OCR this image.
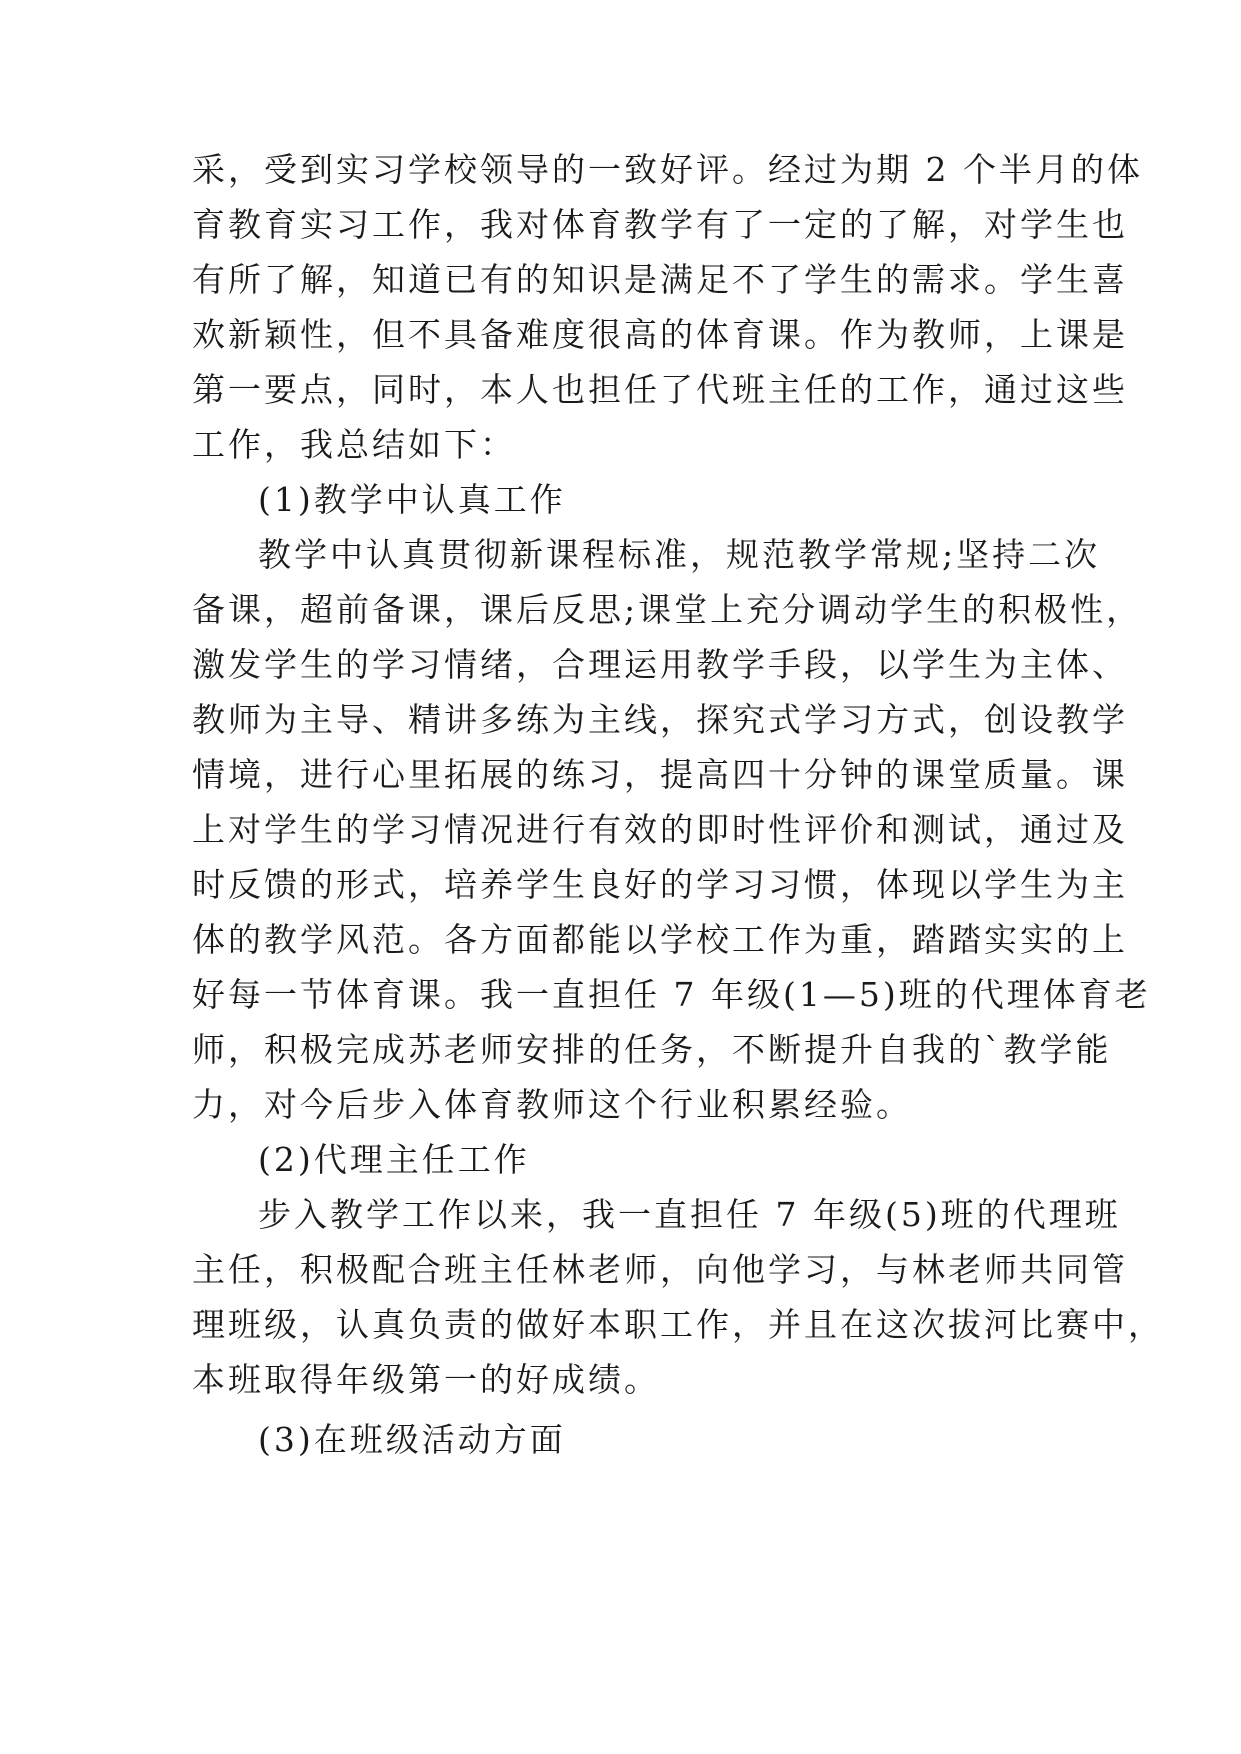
采，受到实习学校领导的一致好评。经过为期 2 个半月的体
育教育实习工作，我对体育教学有了一定的了解，对学生也
有所了解，知道已有的知识是满足不了学生的需求。学生喜
欢新颖性，但不具备难度很高的体育课。作为教师，上课是
第一要点，同时，本人也担任了代班主任的工作，通过这些
工作，我总结如下：
(1)教学中认真工作
教学中认真贯彻新课程标准，规范教学常规;坚持二次
备课，超前备课，课后反思;课堂上充分调动学生的积极性，
激发学生的学习情绪，合理运用教学手段，以学生为主体、
教师为主导、精讲多练为主线，探究式学习方式，创设教学
情境，进行心里拓展的练习，提高四十分钟的课堂质量。课
上对学生的学习情况进行有效的即时性评价和测试，通过及
时反馈的形式，培养学生良好的学习习惯，体现以学生为主
体的教学风范。各方面都能以学校工作为重，踏踏实实的上
好每一节体育课。我一直担任 7 年级(1—5)班的代理体育老
师，积极完成苏老师安排的任务，不断提升自我的`教学能
力，对今后步入体育教师这个行业积累经验。
(2)代理主任工作
步入教学工作以来，我一直担任 7 年级(5)班的代理班
主任，积极配合班主任林老师，向他学习，与林老师共同管
理班级，认真负责的做好本职工作，并且在这次拔河比赛中，
本班取得年级第一的好成绩。
(3)在班级活动方面
